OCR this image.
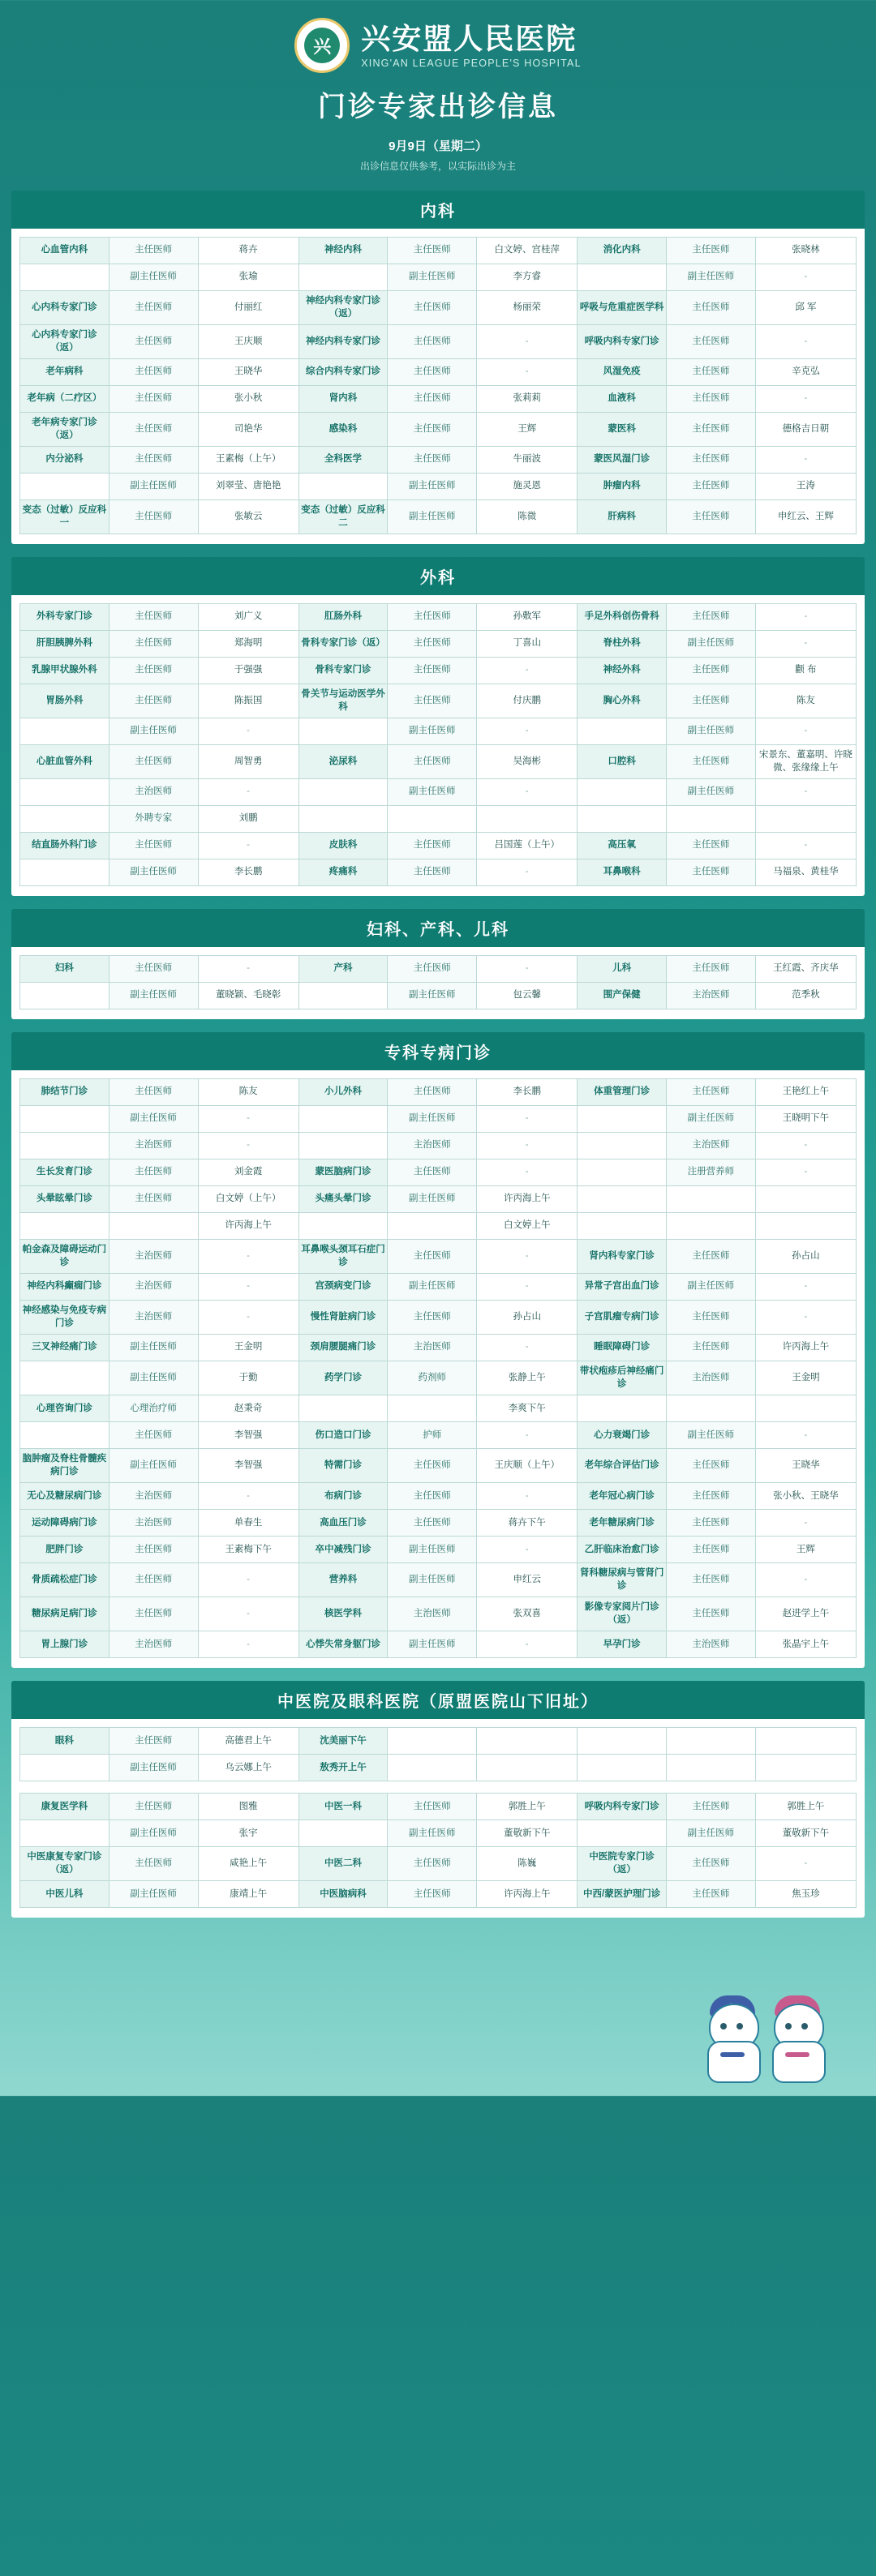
兴	兴安盟人民医院
XING'AN LEAGUE PEOPLE'S HOSPITAL
门诊专家出诊信息
9月9日（星期二）
出诊信息仅供参考，以实际出诊为主
内科
心血管内科	主任医师	蒋卉	神经内科	主任医师	白文婷、宫桂萍	消化内科	主任医师	张晓林
	副主任医师	张瑜		副主任医师	李方睿		副主任医师	-
心内科专家门诊	主任医师	付丽红	神经内科专家门诊（返）	主任医师	杨丽荣	呼吸与危重症医学科	主任医师	邱 军
心内科专家门诊（返）	主任医师	王庆顺	神经内科专家门诊	主任医师	-	呼吸内科专家门诊	主任医师	-
老年病科	主任医师	王晓华	综合内科专家门诊	主任医师	-	风湿免疫	主任医师	辛克弘
老年病（二疗区）	主任医师	张小秋	肾内科	主任医师	张莉莉	血液科	主任医师	-
老年病专家门诊（返）	主任医师	司艳华	感染科	主任医师	王辉	蒙医科	主任医师	德格吉日朝
内分泌科	主任医师	王素梅（上午）	全科医学	主任医师	牛丽波	蒙医风湿门诊	主任医师	-
	副主任医师	刘翠莹、唐艳艳		副主任医师	施灵恩	肿瘤内科	主任医师	王涛
变态（过敏）反应科一	主任医师	张敏云	变态（过敏）反应科二	副主任医师	陈微	肝病科	主任医师	申红云、王辉
外科
外科专家门诊	主任医师	刘广义	肛肠外科	主任医师	孙敷军	手足外科创伤骨科	主任医师	-
肝胆胰脾外科	主任医师	郑海明	骨科专家门诊（返）	主任医师	丁喜山	脊柱外科	副主任医师	-
乳腺甲状腺外科	主任医师	于强强	骨科专家门诊	主任医师	-	神经外科	主任医师	颧 布
胃肠外科	主任医师	陈振国	骨关节与运动医学外科	主任医师	付庆鹏	胸心外科	主任医师	陈友
	副主任医师	-		副主任医师	-		副主任医师	-
心脏血管外科	主任医师	周智勇	泌尿科	主任医师	吴海彬	口腔科	主任医师	宋景东、董嘉明、许晓微、张缘缘上午
	主治医师	-		副主任医师	-		副主任医师	-
	外聘专家	刘鹏						
结直肠外科门诊	主任医师	-	皮肤科	主任医师	吕国莲（上午）	高压氧	主任医师	-
	副主任医师	李长鹏	疼痛科	主任医师	-	耳鼻喉科	主任医师	马福泉、黄桂华
妇科、产科、儿科
妇科	主任医师	-	产科	主任医师	-	儿科	主任医师	王红霞、齐庆华
	副主任医师	董晓颖、毛晓彰		副主任医师	包云馨	围产保健	主治医师	范季秋
专科专病门诊
肺结节门诊	主任医师	陈友	小儿外科	主任医师	李长鹏	体重管理门诊	主任医师	王艳红上午
	副主任医师	-		副主任医师	-		副主任医师	王晓明下午
	主治医师	-		主治医师	-		主治医师	-
生长发育门诊	主任医师	刘金霞	蒙医脑病门诊	主任医师	-		注册营养师	-
头晕眩晕门诊	主任医师	白文婷（上午）	头痛头晕门诊	副主任医师	许丙海上午			
		许丙海上午			白文婷上午			
帕金森及障碍运动门诊	主治医师	-	耳鼻喉头颈耳石症门诊	主任医师	-	肾内科专家门诊	主任医师	孙占山
神经内科癫痫门诊	主治医师	-	宫颈病变门诊	副主任医师	-	异常子宫出血门诊	副主任医师	-
神经感染与免疫专病门诊	主治医师	-	慢性肾脏病门诊	主任医师	孙占山	子宫肌瘤专病门诊	主任医师	-
三叉神经痛门诊	副主任医师	王金明	颈肩腰腿痛门诊	主治医师	-	睡眠障碍门诊	主任医师	许丙海上午
	副主任医师	于勤	药学门诊	药剂师	张静上午	带状疱疹后神经痛门诊	主治医师	王金明
心理咨询门诊	心理治疗师	赵秉奇			李爽下午			
	主任医师	李智强	伤口造口门诊	护师	-	心力衰竭门诊	副主任医师	-
脑肿瘤及脊柱骨髓疾病门诊	副主任医师	李智强	特需门诊	主任医师	王庆顺（上午）	老年综合评估门诊	主任医师	王晓华
无心及糖尿病门诊	主治医师	-	布病门诊	主任医师	-	老年冠心病门诊	主任医师	张小秋、王晓华
运动障碍病门诊	主治医师	单春生	高血压门诊	主任医师	蒋卉下午	老年糖尿病门诊	主任医师	-
肥胖门诊	主任医师	王素梅下午	卒中减残门诊	副主任医师	-	乙肝临床治愈门诊	主任医师	王辉
骨质疏松症门诊	主任医师	-	营养科	副主任医师	申红云	肾科糖尿病与管肾门诊	主任医师	-
糖尿病足病门诊	主任医师	-	核医学科	主治医师	张双喜	影像专家阅片门诊（返）	主任医师	赵进学上午
胃上腺门诊	主治医师	-	心悸失常身躯门诊	副主任医师	-	早孕门诊	主治医师	张晶宇上午
中医院及眼科医院（原盟医院山下旧址）
眼科	主任医师	高德君上午	沈美丽下午					
	副主任医师	乌云娜上午	敖秀开上午					
康复医学科	主任医师	图雅	中医一科	主任医师	郭胜上午	呼吸内科专家门诊	主任医师	郭胜上午
	副主任医师	张宇		副主任医师	董敬新下午		副主任医师	董敬新下午
中医康复专家门诊（返）	主任医师	咸艳上午	中医二科	主任医师	陈巍	中医院专家门诊（返）	主任医师	-
中医儿科	副主任医师	康靖上午	中医脑病科	主任医师	许丙海上午	中西/蒙医护理门诊	主任医师	焦玉珍
